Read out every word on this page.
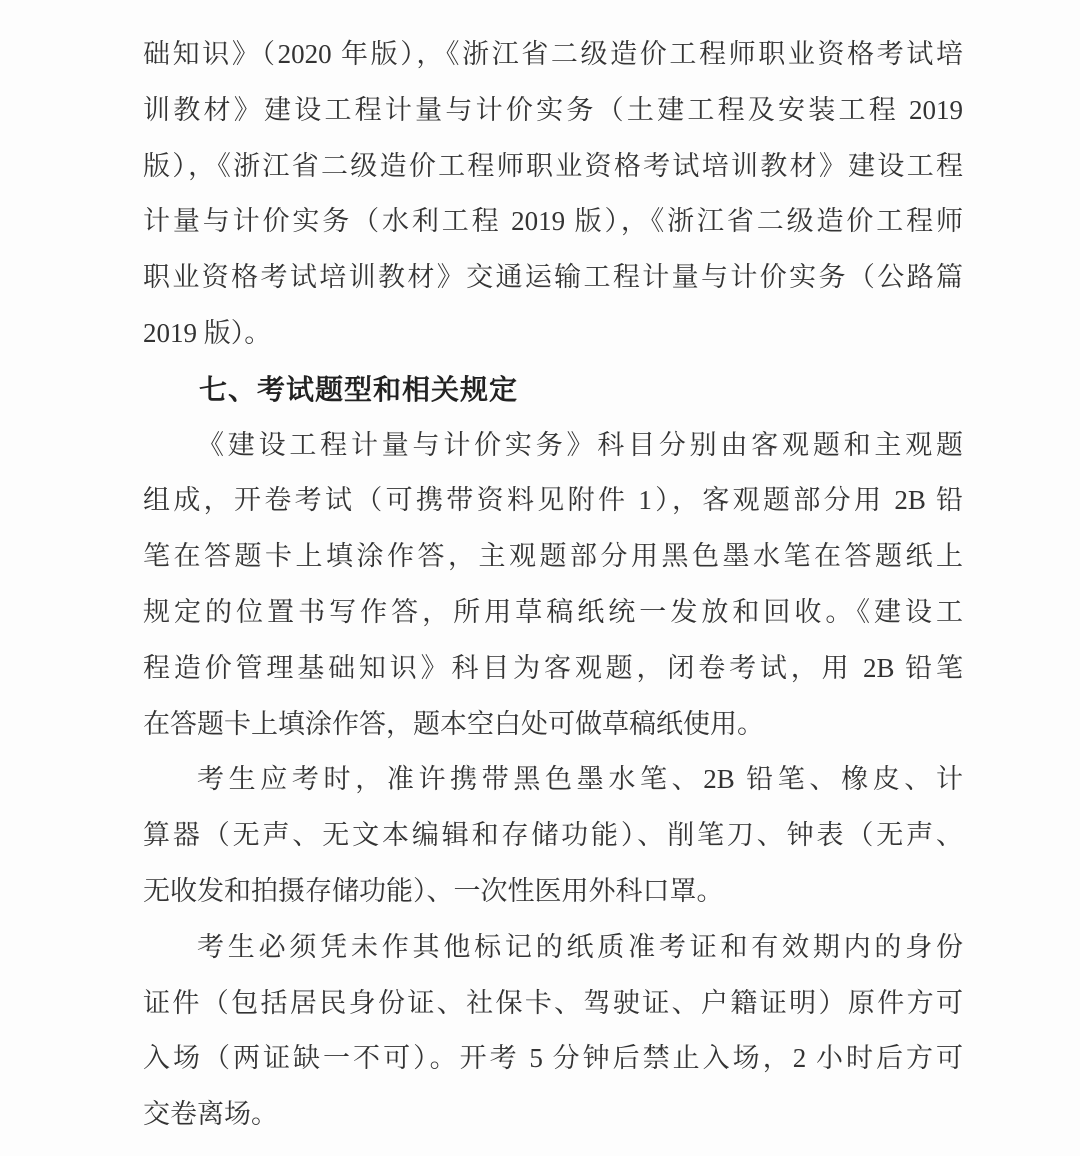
础知识》（2020 年版），《浙江省二级造价工程师职业资格考试培
训教材》建设工程计量与计价实务（土建工程及安装工程 2019
版），《浙江省二级造价工程师职业资格考试培训教材》建设工程
计量与计价实务（水利工程 2019 版），《浙江省二级造价工程师
职业资格考试培训教材》交通运输工程计量与计价实务（公路篇
2019 版）。
七、考试题型和相关规定
《建设工程计量与计价实务》科目分别由客观题和主观题
组成，开卷考试（可携带资料见附件 1），客观题部分用 2B 铅
笔在答题卡上填涂作答，主观题部分用黑色墨水笔在答题纸上
规定的位置书写作答，所用草稿纸统一发放和回收。《建设工
程造价管理基础知识》科目为客观题，闭卷考试，用 2B 铅笔
在答题卡上填涂作答，题本空白处可做草稿纸使用。
考生应考时，准许携带黑色墨水笔、2B 铅笔、橡皮、计
算器（无声、无文本编辑和存储功能）、削笔刀、钟表（无声、
无收发和拍摄存储功能）、一次性医用外科口罩。
考生必须凭未作其他标记的纸质准考证和有效期内的身份
证件（包括居民身份证、社保卡、驾驶证、户籍证明）原件方可
入场（两证缺一不可）。开考 5 分钟后禁止入场，2 小时后方可
交卷离场。
